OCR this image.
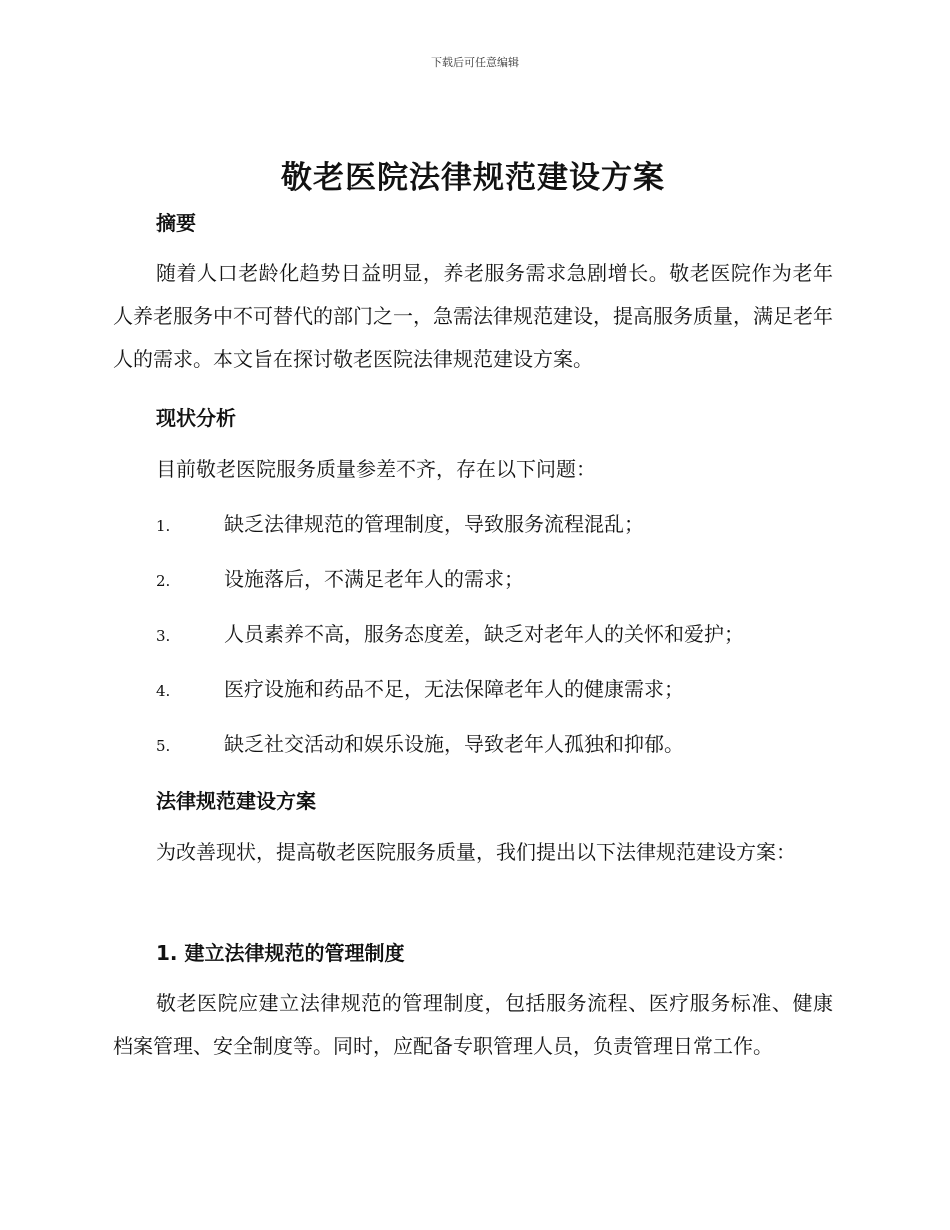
下载后可任意编辑
敬老医院法律规范建设方案
摘要
随着人口老龄化趋势日益明显，养老服务需求急剧增长。敬老医院作为老年人养老服务中不可替代的部门之一，急需法律规范建设，提高服务质量，满足老年人的需求。本文旨在探讨敬老医院法律规范建设方案。
现状分析
目前敬老医院服务质量参差不齐，存在以下问题：
1.	缺乏法律规范的管理制度，导致服务流程混乱；
2.	设施落后，不满足老年人的需求；
3.	人员素养不高，服务态度差，缺乏对老年人的关怀和爱护；
4.	医疗设施和药品不足，无法保障老年人的健康需求；
5.	缺乏社交活动和娱乐设施，导致老年人孤独和抑郁。
法律规范建设方案
为改善现状，提高敬老医院服务质量，我们提出以下法律规范建设方案：
1. 建立法律规范的管理制度
敬老医院应建立法律规范的管理制度，包括服务流程、医疗服务标准、健康档案管理、安全制度等。同时，应配备专职管理人员，负责管理日常工作。
